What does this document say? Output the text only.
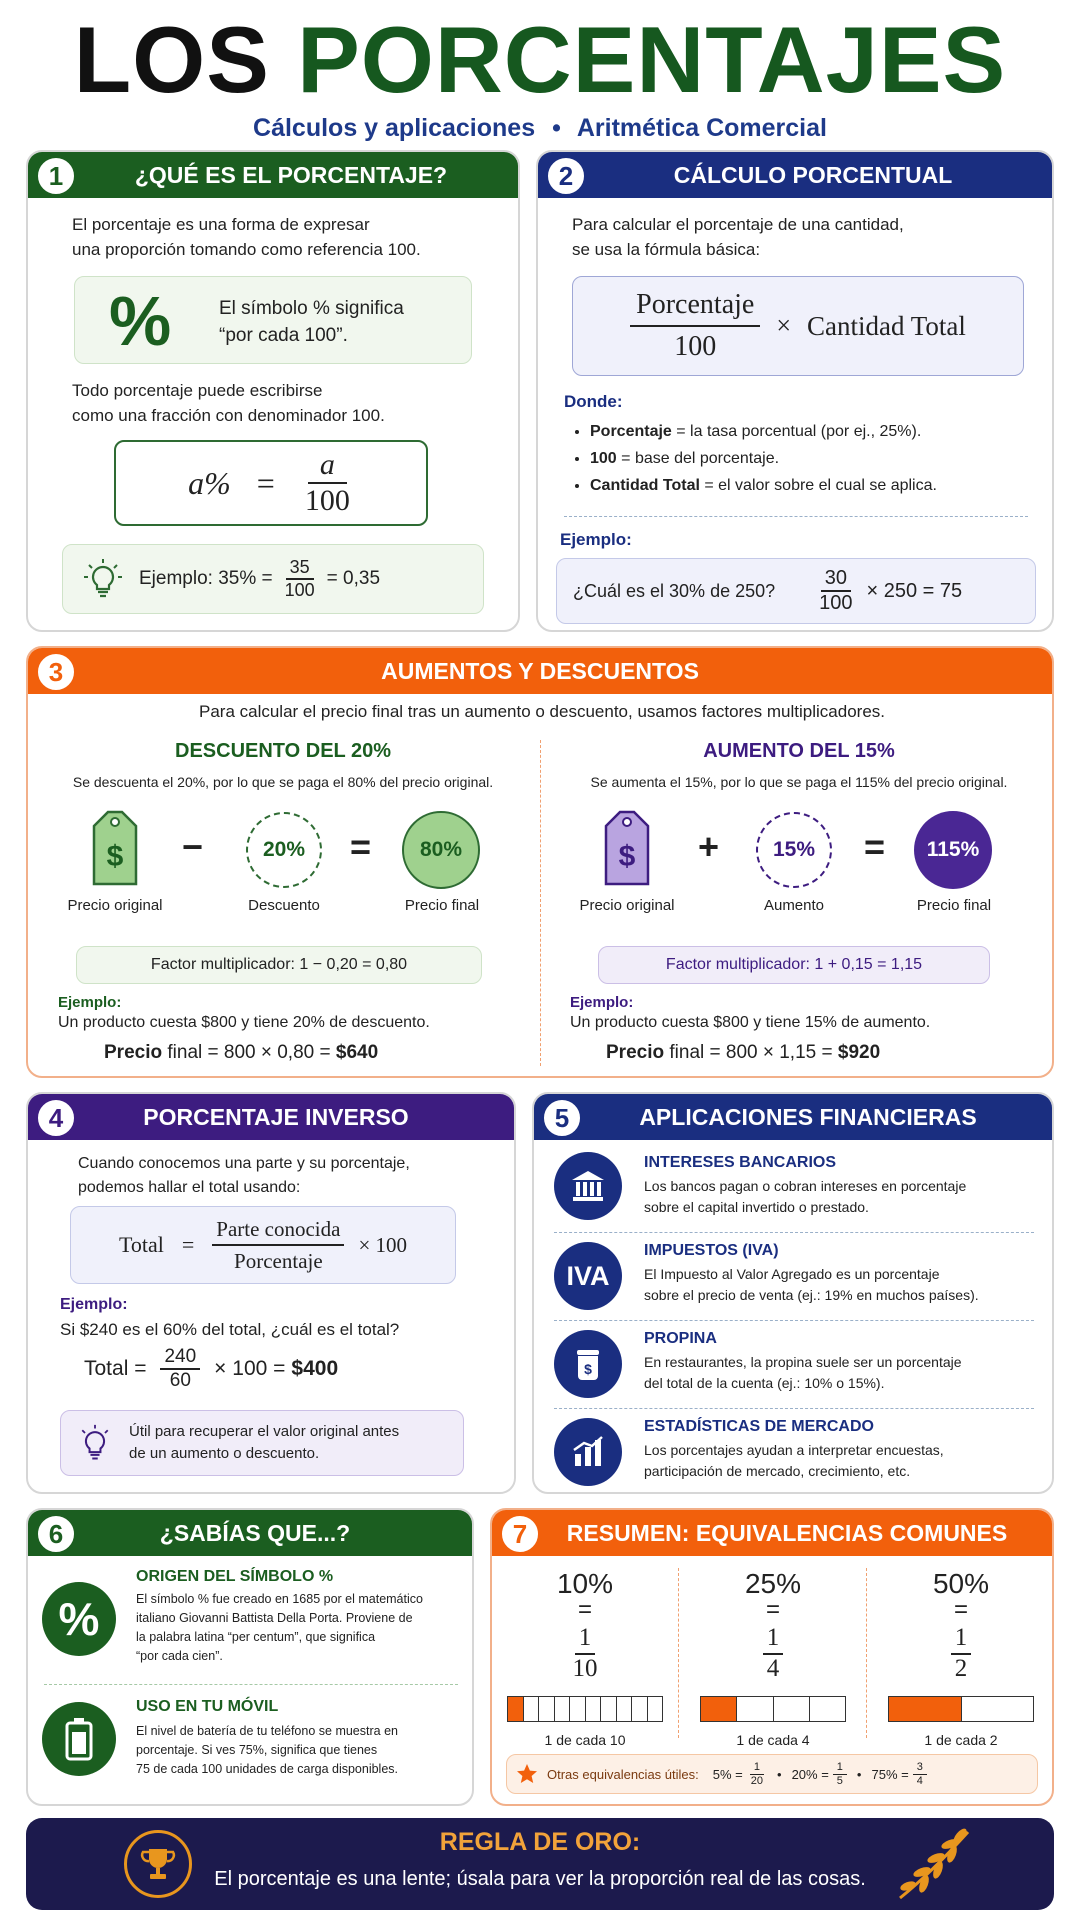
LOS PORCENTAJES
Cálculos y aplicaciones • Aritmética Comercial
1	¿QUÉ ES EL PORCENTAJE?
El porcentaje es una forma de expresar
una proporción tomando como referencia 100.
%	El símbolo % significa
“por cada 100”.
Todo porcentaje puede escribirse
como una fracción con denominador 100.
$a\% = \frac{a}{100}$
Ejemplo: $35\% = \frac{35}{100} = 0,35$
2	CÁLCULO PORCENTUAL
Para calcular el porcentaje de una cantidad,
se usa la fórmula básica:
$\frac{\text{Porcentaje}}{100}$ × Cantidad Total
Donde:
• Porcentaje = la tasa porcentual (por ej., 25%).
• 100 = base del porcentaje.
• Cantidad Total = el valor sobre el cual se aplica.
Ejemplo:
¿Cuál es el 30% de 250? $\frac{30}{100} \times 250 = 75$
3	AUMENTOS Y DESCUENTOS
Para calcular el precio final tras un aumento o descuento, usamos factores multiplicadores.
DESCUENTO DEL 20%
Se descuenta el 20%, por lo que se paga el 80% del precio original.
$ −	20%	=	80%
Precio original	Descuento	Precio final
Factor multiplicador: 1 − 0,20 = 0,80
Ejemplo:
Un producto cuesta $800 y tiene 20% de descuento.
Precio final = 800 × 0,80 = $640
AUMENTO DEL 15%
Se aumenta el 15%, por lo que se paga el 115% del precio original.
$ +	15%	=	115%
Precio original	Aumento	Precio final
Factor multiplicador: 1 + 0,15 = 1,15
Ejemplo:
Un producto cuesta $800 y tiene 15% de aumento.
Precio final = 800 × 1,15 = $920
4	PORCENTAJE INVERSO
Cuando conocemos una parte y su porcentaje,
podemos hallar el total usando:
Total = $\frac{\text{Parte conocida}}{\text{Porcentaje}} \times 100$
Ejemplo:
Si $240 es el 60% del total, ¿cuál es el total?
Total = $\frac{240}{60} \times 100$ = $400
Útil para recuperar el valor original antes
de un aumento o descuento.
5	APLICACIONES FINANCIERAS
INTERESES BANCARIOS
Los bancos pagan o cobran intereses en porcentaje
sobre el capital invertido o prestado.
IVA
IMPUESTOS (IVA)
El Impuesto al Valor Agregado es un porcentaje
sobre el precio de venta (ej.: 19% en muchos países).
$
PROPINA
En restaurantes, la propina suele ser un porcentaje
del total de la cuenta (ej.: 10% o 15%).
ESTADÍSTICAS DE MERCADO
Los porcentajes ayudan a interpretar encuestas,
participación de mercado, crecimiento, etc.
6	¿SABÍAS QUE...?
%
ORIGEN DEL SÍMBOLO %
El símbolo % fue creado en 1685 por el matemático
italiano Giovanni Battista Della Porta. Proviene de
la palabra latina “per centum”, que significa
“por cada cien”.
USO EN TU MÓVIL
El nivel de batería de tu teléfono se muestra en
porcentaje. Si ves 75%, significa que tienes
75 de cada 100 unidades de carga disponibles.
7	RESUMEN: EQUIVALENCIAS COMUNES
10%
=
$\frac{1}{10}$
1 de cada 10
25%
=
$\frac{1}{4}$
1 de cada 4
50%
=
$\frac{1}{2}$
1 de cada 2
Otras equivalencias útiles: $5\% = \frac{1}{20}$ • $20\% = \frac{1}{5}$ • $75\% = \frac{3}{4}$
REGLA DE ORO:
El porcentaje es una lente; úsala para ver la proporción real de las cosas.
